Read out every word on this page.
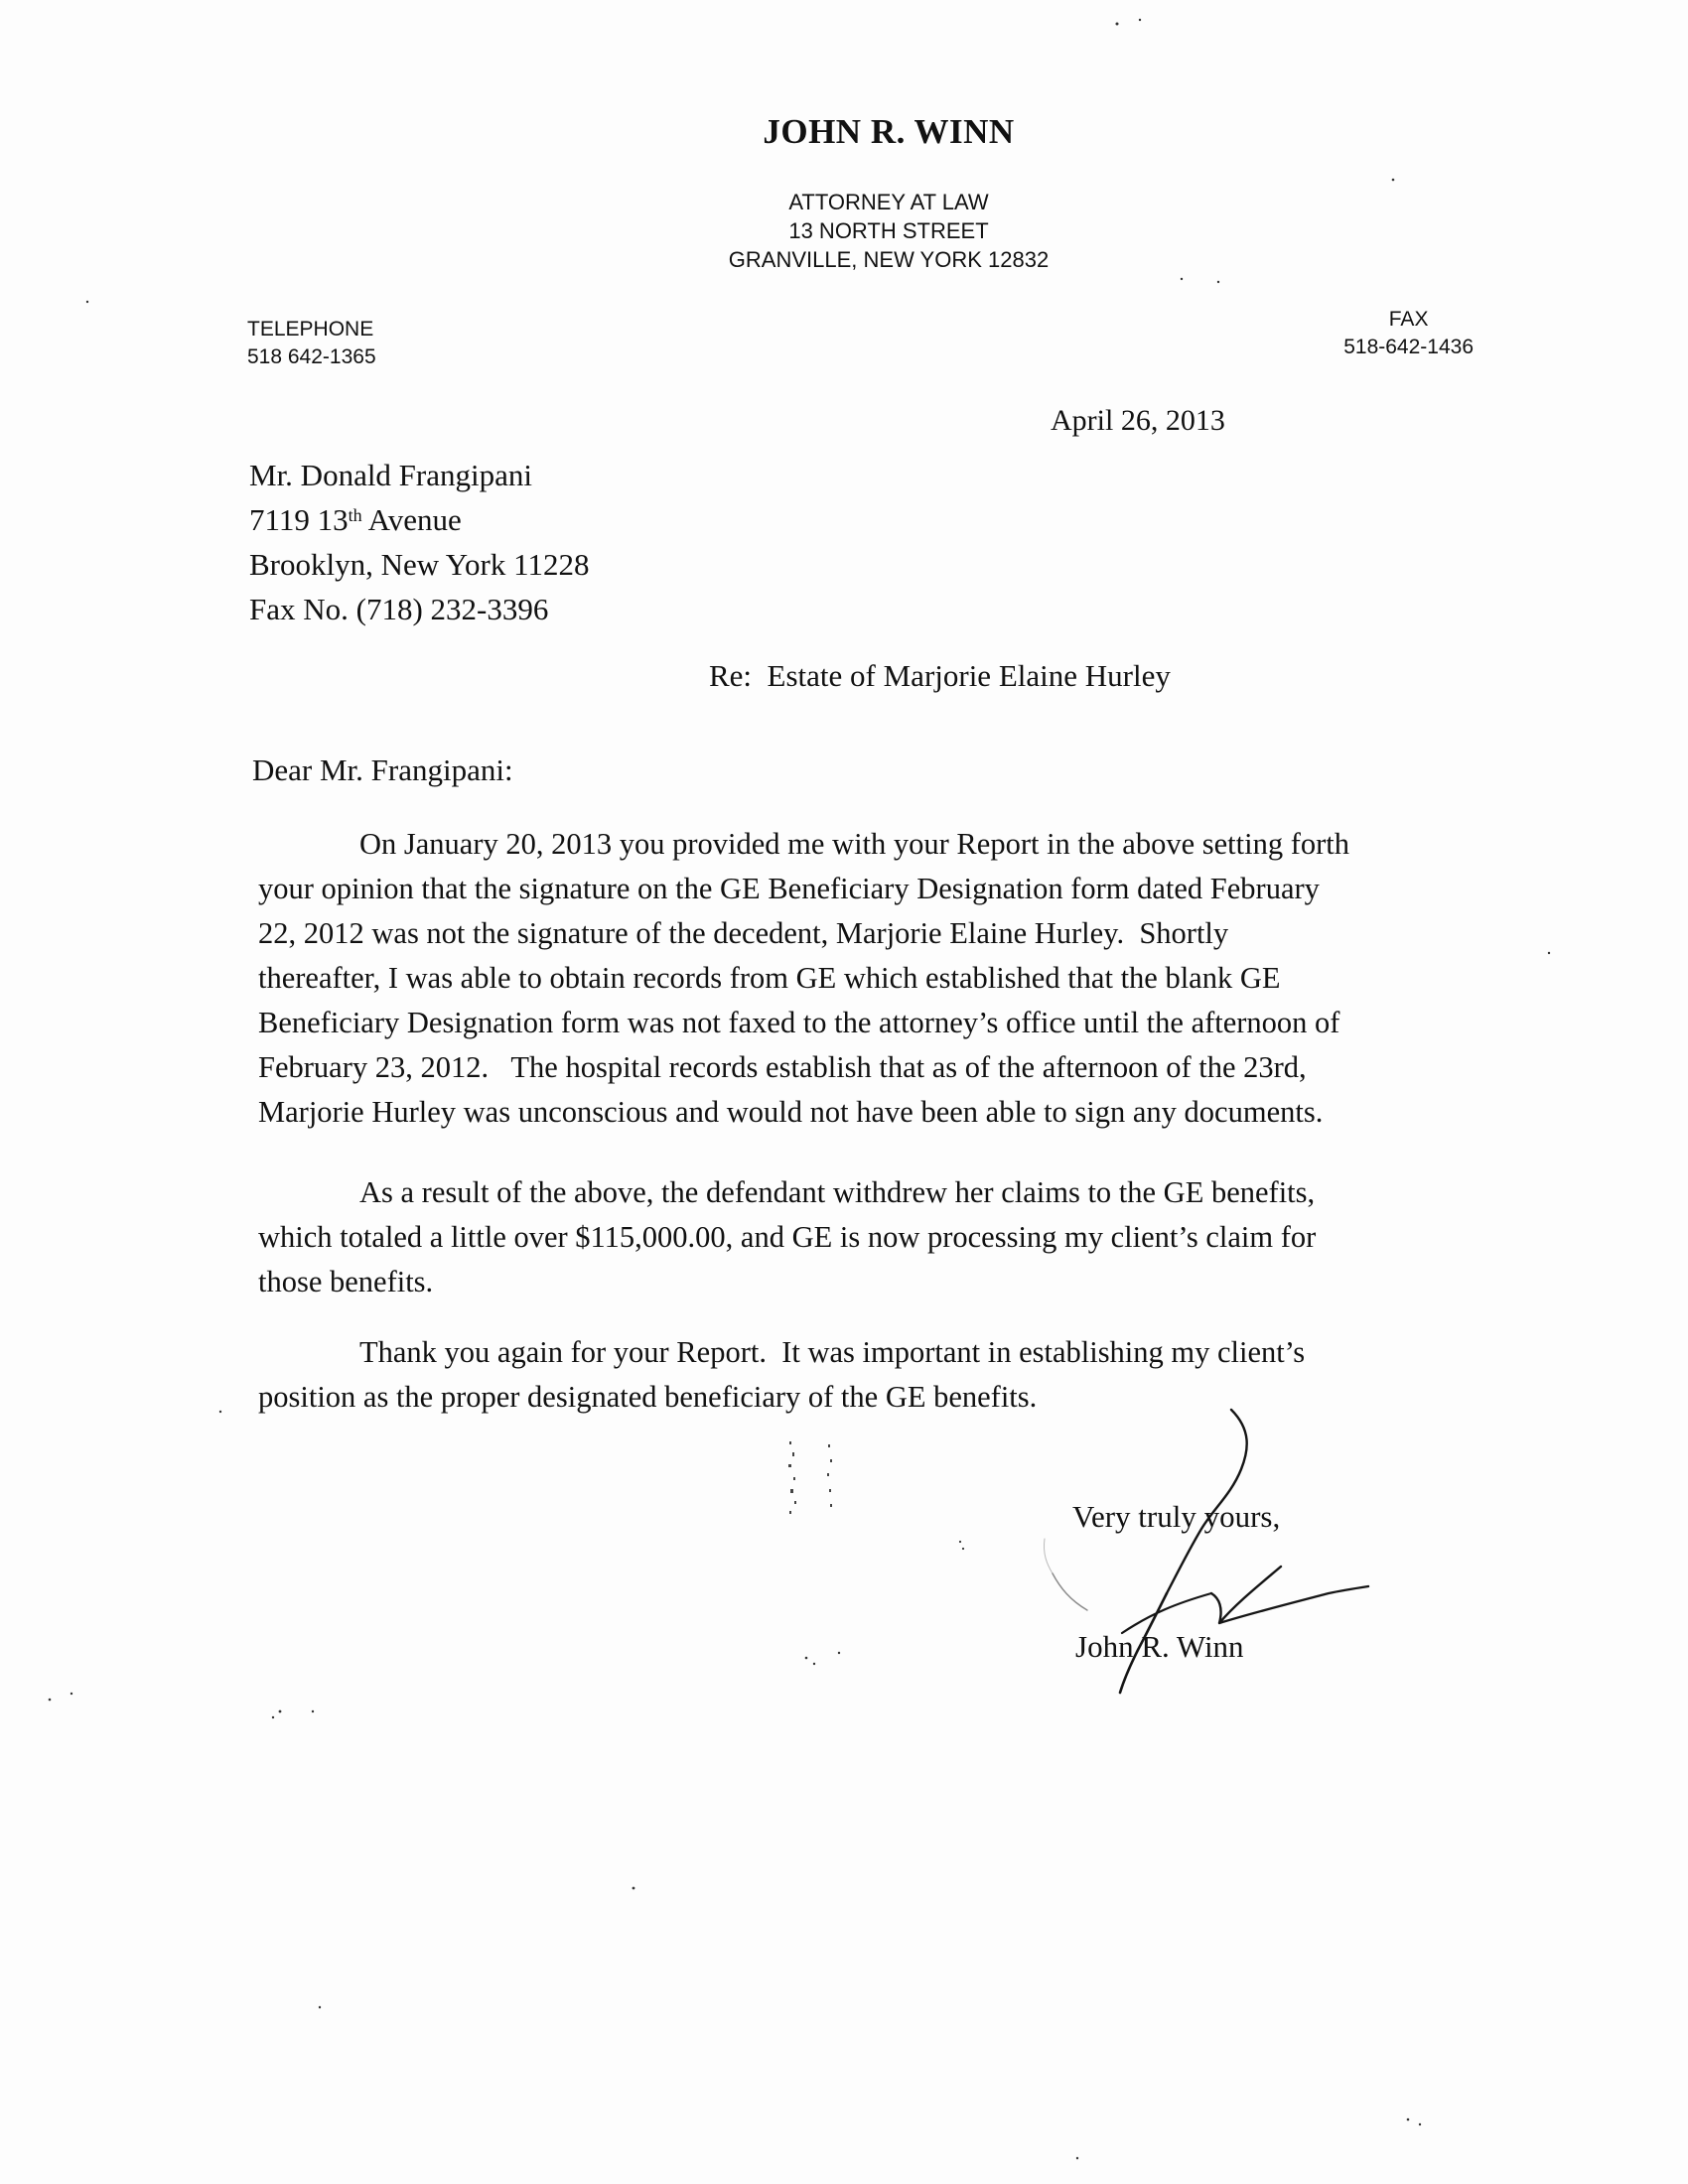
JOHN R. WINN
ATTORNEY AT LAW
13 NORTH STREET
GRANVILLE, NEW YORK 12832
TELEPHONE
518 642-1365
FAX
518-642-1436
April 26, 2013
Mr. Donald Frangipani
7119 13th Avenue
Brooklyn, New York 11228
Fax No. (718) 232-3396
Re:  Estate of Marjorie Elaine Hurley
Dear Mr. Frangipani:
On January 20, 2013 you provided me with your Report in the above setting forth
your opinion that the signature on the GE Beneficiary Designation form dated February
22, 2012 was not the signature of the decedent, Marjorie Elaine Hurley.  Shortly
thereafter, I was able to obtain records from GE which established that the blank GE
Beneficiary Designation form was not faxed to the attorney’s office until the afternoon of
February 23, 2012.   The hospital records establish that as of the afternoon of the 23rd,
Marjorie Hurley was unconscious and would not have been able to sign any documents.
As a result of the above, the defendant withdrew her claims to the GE benefits,
which totaled a little over $115,000.00, and GE is now processing my client’s claim for
those benefits.
Thank you again for your Report.  It was important in establishing my client’s
position as the proper designated beneficiary of the GE benefits.
Very truly yours,
John R. Winn
